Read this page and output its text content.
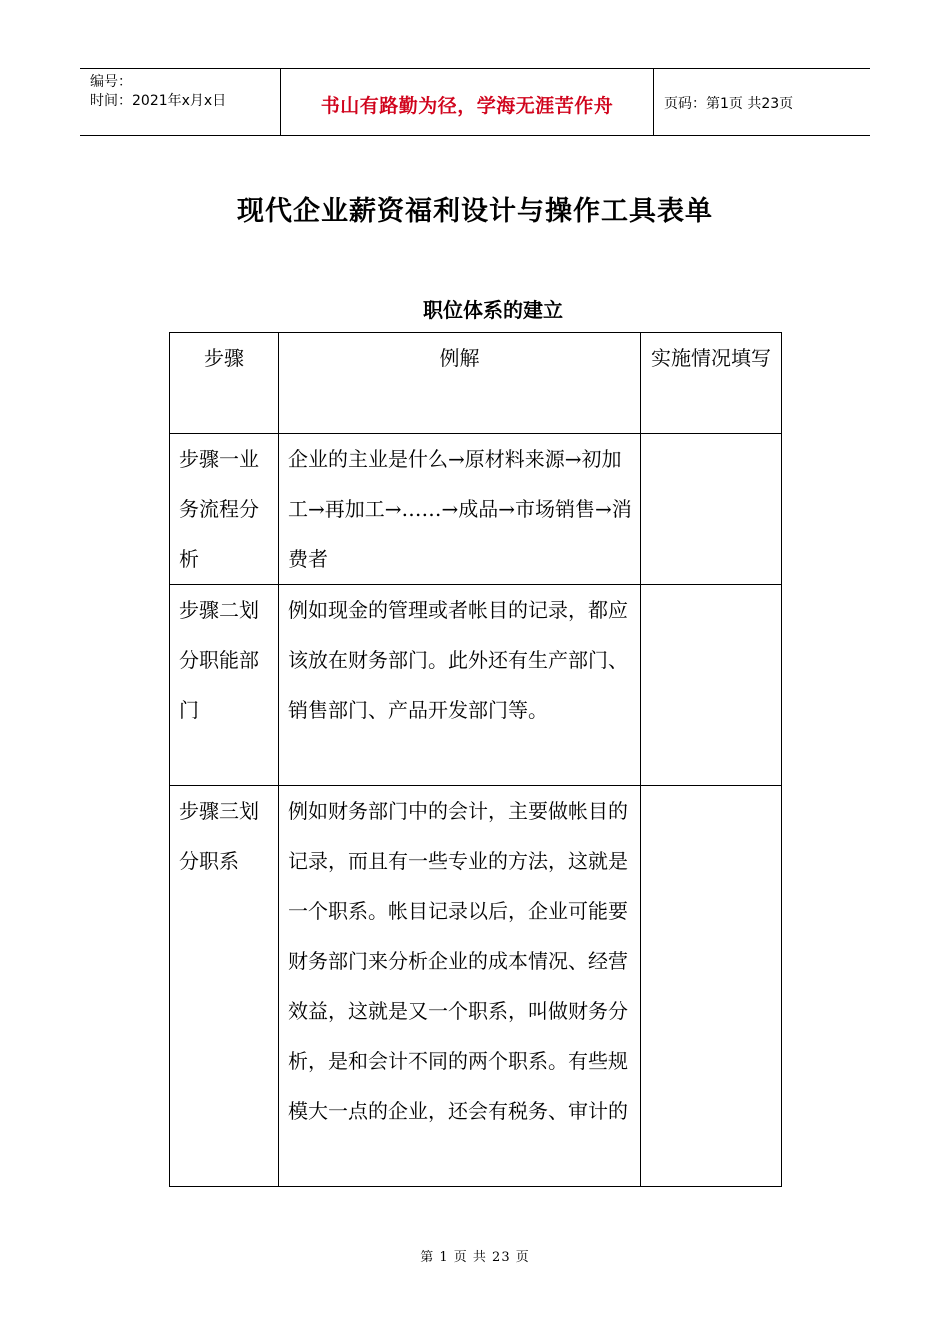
编号：
时间：2021年x月x日	书山有路勤为径，学海无涯苦作舟	页码：第1页 共23页
现代企业薪资福利设计与操作工具表单
职位体系的建立
步骤	例解	实施情况填写
步骤一业务流程分析	企业的主业是什么→原材料来源→初加工→再加工→……→成品→市场销售→消费者	
步骤二划分职能部门	例如现金的管理或者帐目的记录，都应该放在财务部门。此外还有生产部门、销售部门、产品开发部门等。	
步骤三划分职系	例如财务部门中的会计，主要做帐目的记录，而且有一些专业的方法，这就是一个职系。帐目记录以后，企业可能要财务部门来分析企业的成本情况、经营效益，这就是又一个职系，叫做财务分析，是和会计不同的两个职系。有些规模大一点的企业，还会有税务、审计的	
第 1 页 共 23 页
